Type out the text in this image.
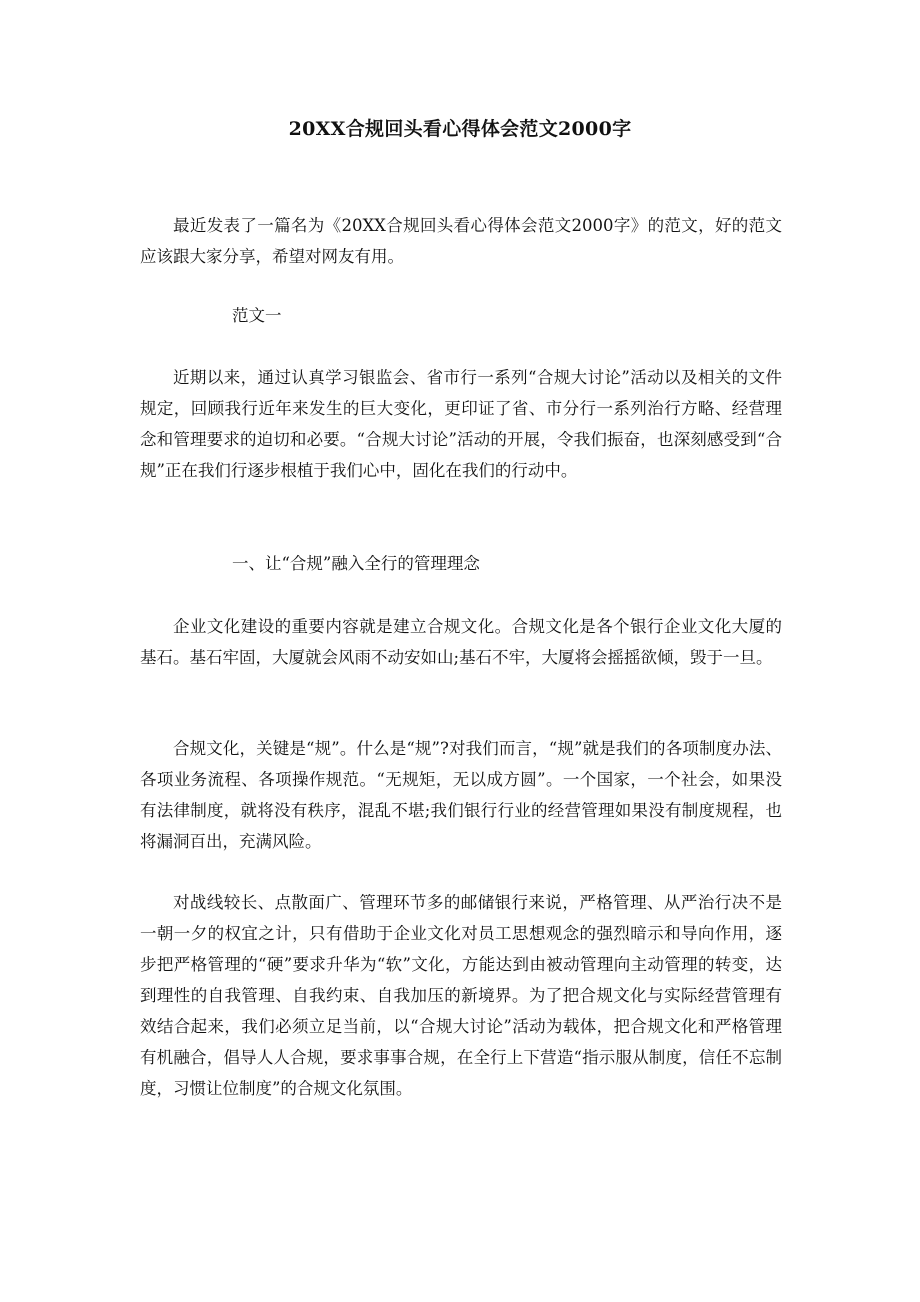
20XX合规回头看心得体会范文2000字

最近发表了一篇名为《20XX合规回头看心得体会范文2000字》的范文，好的范文应该跟大家分享，希望对网友有用。

范文一

近期以来，通过认真学习银监会、省市行一系列“合规大讨论”活动以及相关的文件规定，回顾我行近年来发生的巨大变化，更印证了省、市分行一系列治行方略、经营理念和管理要求的迫切和必要。“合规大讨论”活动的开展，令我们振奋，也深刻感受到“合规”正在我们行逐步根植于我们心中，固化在我们的行动中。

一、让“合规”融入全行的管理理念

企业文化建设的重要内容就是建立合规文化。合规文化是各个银行企业文化大厦的基石。基石牢固，大厦就会风雨不动安如山;基石不牢，大厦将会摇摇欲倾，毁于一旦。

合规文化，关键是“规”。什么是“规”?对我们而言，“规”就是我们的各项制度办法、各项业务流程、各项操作规范。“无规矩，无以成方圆”。一个国家，一个社会，如果没有法律制度，就将没有秩序，混乱不堪;我们银行行业的经营管理如果没有制度规程，也将漏洞百出，充满风险。

对战线较长、点散面广、管理环节多的邮储银行来说，严格管理、从严治行决不是一朝一夕的权宜之计，只有借助于企业文化对员工思想观念的强烈暗示和导向作用，逐步把严格管理的“硬”要求升华为“软”文化，方能达到由被动管理向主动管理的转变，达到理性的自我管理、自我约束、自我加压的新境界。为了把合规文化与实际经营管理有效结合起来，我们必须立足当前，以“合规大讨论”活动为载体，把合规文化和严格管理有机融合，倡导人人合规，要求事事合规，在全行上下营造“指示服从制度，信任不忘制度，习惯让位制度”的合规文化氛围。
